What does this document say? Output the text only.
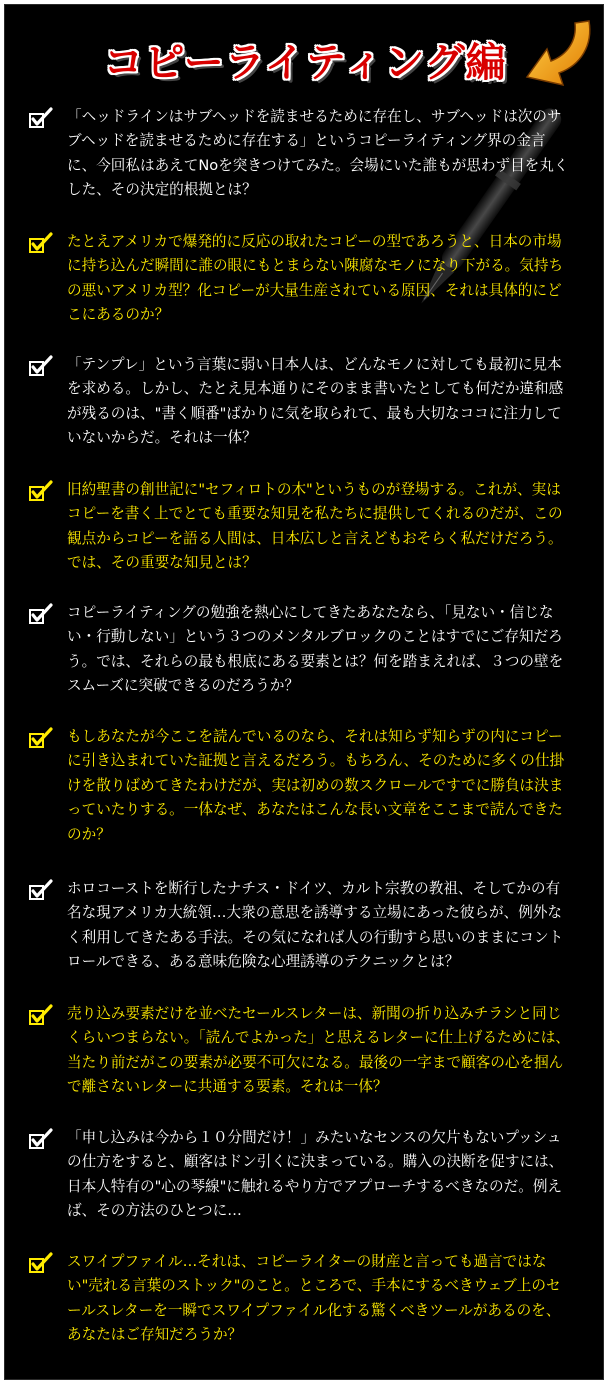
コピーライティング編
「ヘッドラインはサブヘッドを読ませるために存在し、サブヘッドは次のサブヘッドを読ませるために存在する」というコピーライティング界の金言に、今回私はあえてNoを突きつけてみた。会場にいた誰もが思わず目を丸くした、その決定的根拠とは？
たとえアメリカで爆発的に反応の取れたコピーの型であろうと、日本の市場に持ち込んだ瞬間に誰の眼にもとまらない陳腐なモノになり下がる。気持ちの悪いアメリカ型？化コピーが大量生産されている原因、それは具体的にどこにあるのか？
「テンプレ」という言葉に弱い日本人は、どんなモノに対しても最初に見本を求める。しかし、たとえ見本通りにそのまま書いたとしても何だか違和感が残るのは、"書く順番"ばかりに気を取られて、最も大切なココに注力していないからだ。それは一体？
旧約聖書の創世記に"セフィロトの木"というものが登場する。これが、実はコピーを書く上でとても重要な知見を私たちに提供してくれるのだが、この観点からコピーを語る人間は、日本広しと言えどもおそらく私だけだろう。では、その重要な知見とは？
コピーライティングの勉強を熱心にしてきたあなたなら、「見ない・信じない・行動しない」という３つのメンタルブロックのことはすでにご存知だろう。では、それらの最も根底にある要素とは？何を踏まえれば、３つの壁をスムーズに突破できるのだろうか？
もしあなたが今ここを読んでいるのなら、それは知らず知らずの内にコピーに引き込まれていた証拠と言えるだろう。もちろん、そのために多くの仕掛けを散りばめてきたわけだが、実は初めの数スクロールですでに勝負は決まっていたりする。一体なぜ、あなたはこんな長い文章をここまで読んできたのか？
ホロコーストを断行したナチス・ドイツ、カルト宗教の教祖、そしてかの有名な現アメリカ大統領…大衆の意思を誘導する立場にあった彼らが、例外なく利用してきたある手法。その気になれば人の行動すら思いのままにコントロールできる、ある意味危険な心理誘導のテクニックとは？
売り込み要素だけを並べたセールスレターは、新聞の折り込みチラシと同じくらいつまらない。「読んでよかった」と思えるレターに仕上げるためには、当たり前だがこの要素が必要不可欠になる。最後の一字まで顧客の心を掴んで離さないレターに共通する要素。それは一体？
「申し込みは今から１０分間だけ！」みたいなセンスの欠片もないプッシュの仕方をすると、顧客はドン引くに決まっている。購入の決断を促すには、日本人特有の"心の琴線"に触れるやり方でアプローチするべきなのだ。例えば、その方法のひとつに…
スワイプファイル…それは、コピーライターの財産と言っても過言ではない"売れる言葉のストック"のこと。ところで、手本にするべきウェブ上のセールスレターを一瞬でスワイプファイル化する驚くべきツールがあるのを、あなたはご存知だろうか？
